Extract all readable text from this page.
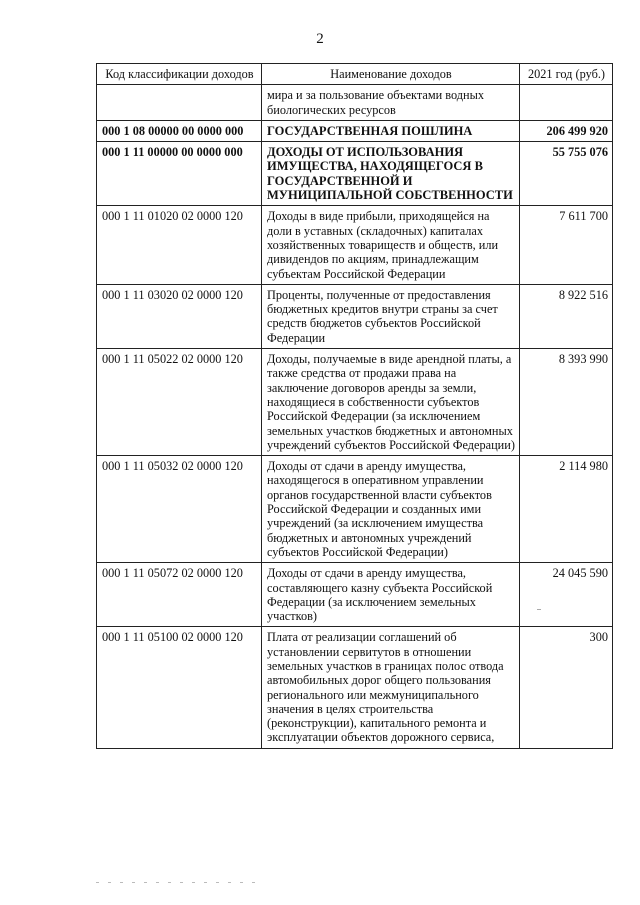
2
Код классификации доходов	Наименование доходов	2021 год (руб.)
	мира и за пользование объектами водных биологических ресурсов	
000 1 08 00000 00 0000 000	ГОСУДАРСТВЕННАЯ ПОШЛИНА	206 499 920
000 1 11 00000 00 0000 000	ДОХОДЫ ОТ ИСПОЛЬЗОВАНИЯ ИМУЩЕСТВА, НАХОДЯЩЕГОСЯ В ГОСУДАРСТВЕННОЙ И МУНИЦИПАЛЬНОЙ СОБСТВЕННОСТИ	55 755 076
000 1 11 01020 02 0000 120	Доходы в виде прибыли, приходящейся на доли в уставных (складочных) капиталах хозяйственных товариществ и обществ, или дивидендов по акциям, принадлежащим субъектам Российской Федерации	7 611 700
000 1 11 03020 02 0000 120	Проценты, полученные от предоставления бюджетных кредитов внутри страны за счет средств бюджетов субъектов Российской Федерации	8 922 516
000 1 11 05022 02 0000 120	Доходы, получаемые в виде арендной платы, а также средства от продажи права на заключение договоров аренды за земли, находящиеся в собственности субъектов Российской Федерации (за исключением земельных участков бюджетных и автономных учреждений субъектов Российской Федерации)	8 393 990
000 1 11 05032 02 0000 120	Доходы от сдачи в аренду имущества, находящегося в оперативном управлении органов государственной власти субъектов Российской Федерации и созданных ими учреждений (за исключением имущества бюджетных и автономных учреждений субъектов Российской Федерации)	2 114 980
000 1 11 05072 02 0000 120	Доходы от сдачи в аренду имущества, составляющего казну субъекта Российской Федерации (за исключением земельных участков)	24 045 590
000 1 11 05100 02 0000 120	Плата от реализации соглашений об установлении сервитутов в отношении земельных участков в границах полос отвода автомобильных дорог общего пользования регионального или межмуниципального значения в целях строительства (реконструкции), капитального ремонта и эксплуатации объектов дорожного сервиса,	300
